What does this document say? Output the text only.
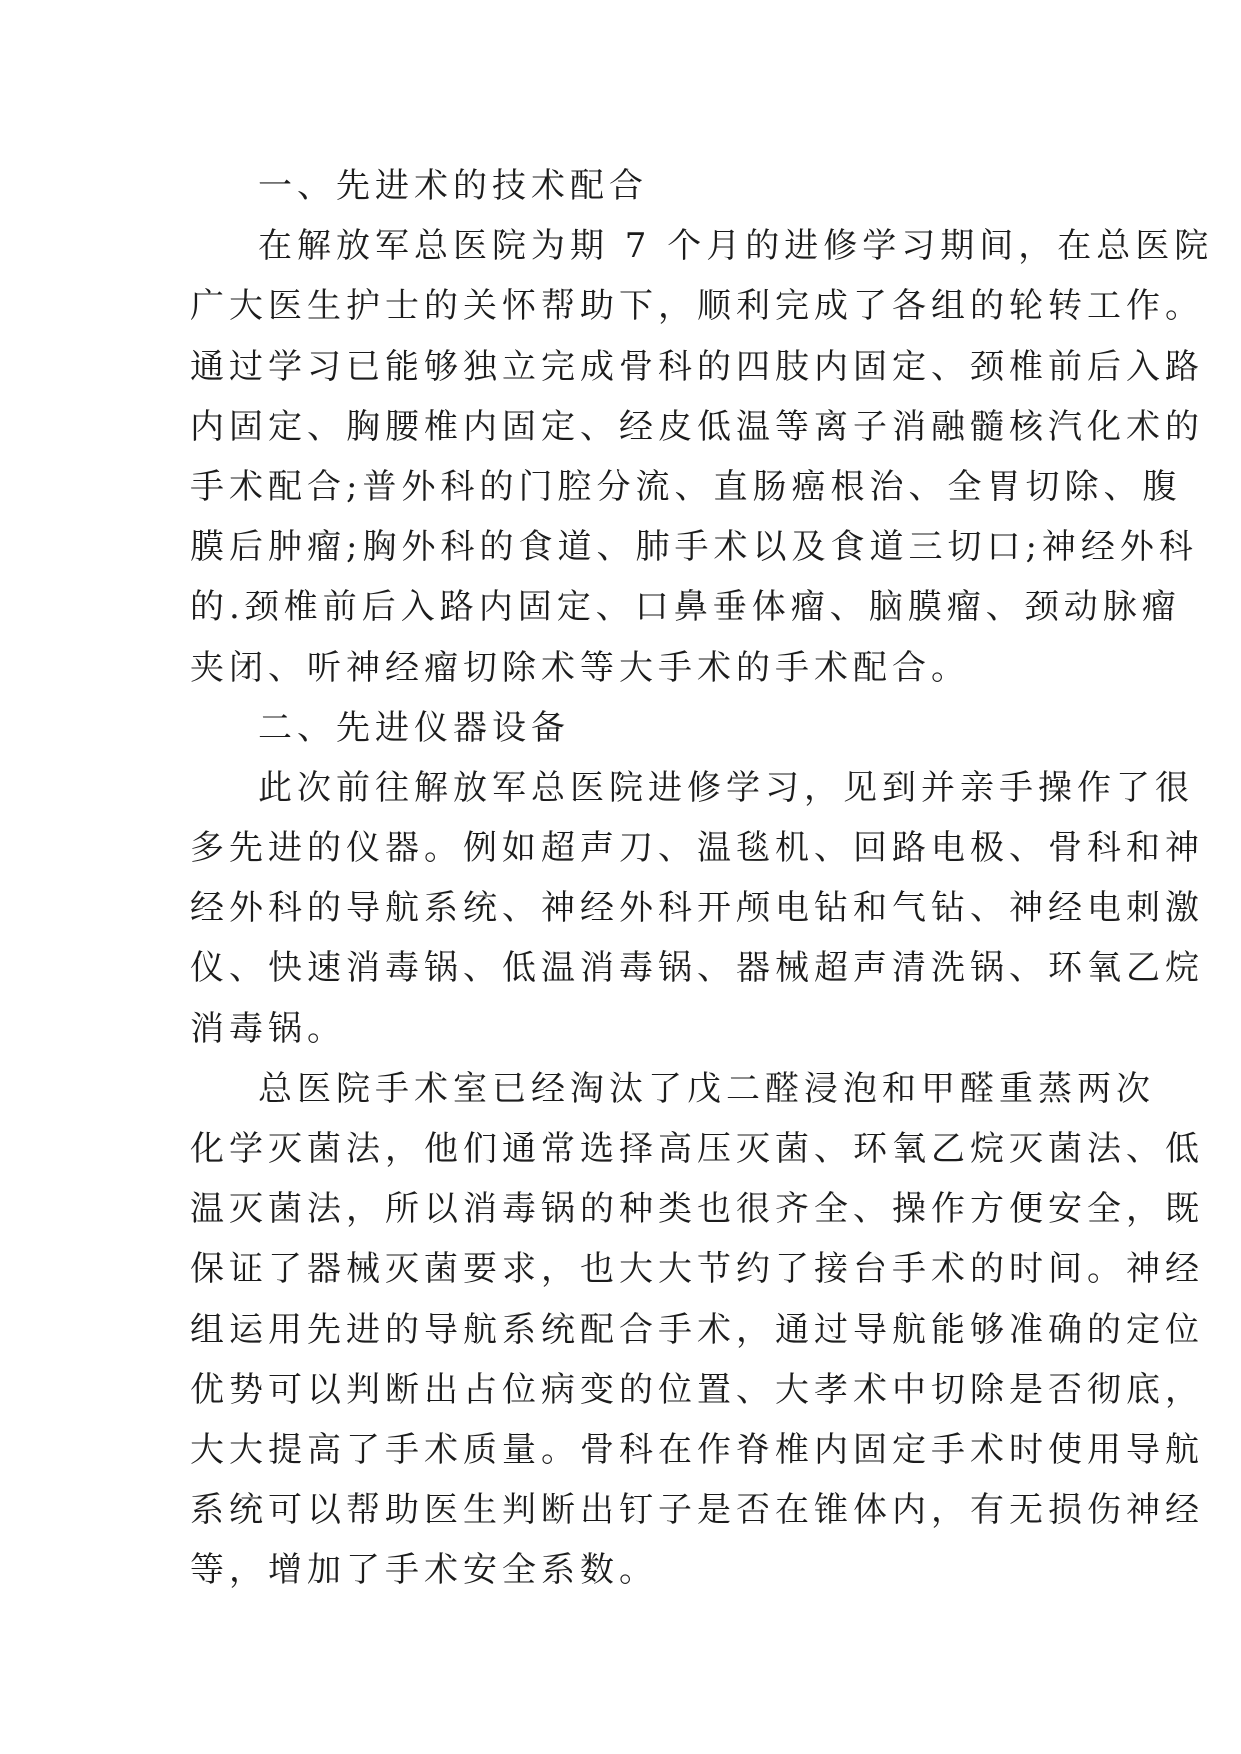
一、先进术的技术配合
在解放军总医院为期 7 个月的进修学习期间，在总医院
广大医生护士的关怀帮助下，顺利完成了各组的轮转工作。
通过学习已能够独立完成骨科的四肢内固定、颈椎前后入路
内固定、胸腰椎内固定、经皮低温等离子消融髓核汽化术的
手术配合;普外科的门腔分流、直肠癌根治、全胃切除、腹
膜后肿瘤;胸外科的食道、肺手术以及食道三切口;神经外科
的.颈椎前后入路内固定、口鼻垂体瘤、脑膜瘤、颈动脉瘤
夹闭、听神经瘤切除术等大手术的手术配合。
二、先进仪器设备
此次前往解放军总医院进修学习，见到并亲手操作了很
多先进的仪器。例如超声刀、温毯机、回路电极、骨科和神
经外科的导航系统、神经外科开颅电钻和气钻、神经电刺激
仪、快速消毒锅、低温消毒锅、器械超声清洗锅、环氧乙烷
消毒锅。
总医院手术室已经淘汰了戊二醛浸泡和甲醛重蒸两次
化学灭菌法，他们通常选择高压灭菌、环氧乙烷灭菌法、低
温灭菌法，所以消毒锅的种类也很齐全、操作方便安全，既
保证了器械灭菌要求，也大大节约了接台手术的时间。神经
组运用先进的导航系统配合手术，通过导航能够准确的定位
优势可以判断出占位病变的位置、大孝术中切除是否彻底，
大大提高了手术质量。骨科在作脊椎内固定手术时使用导航
系统可以帮助医生判断出钉子是否在锥体内，有无损伤神经
等，增加了手术安全系数。
